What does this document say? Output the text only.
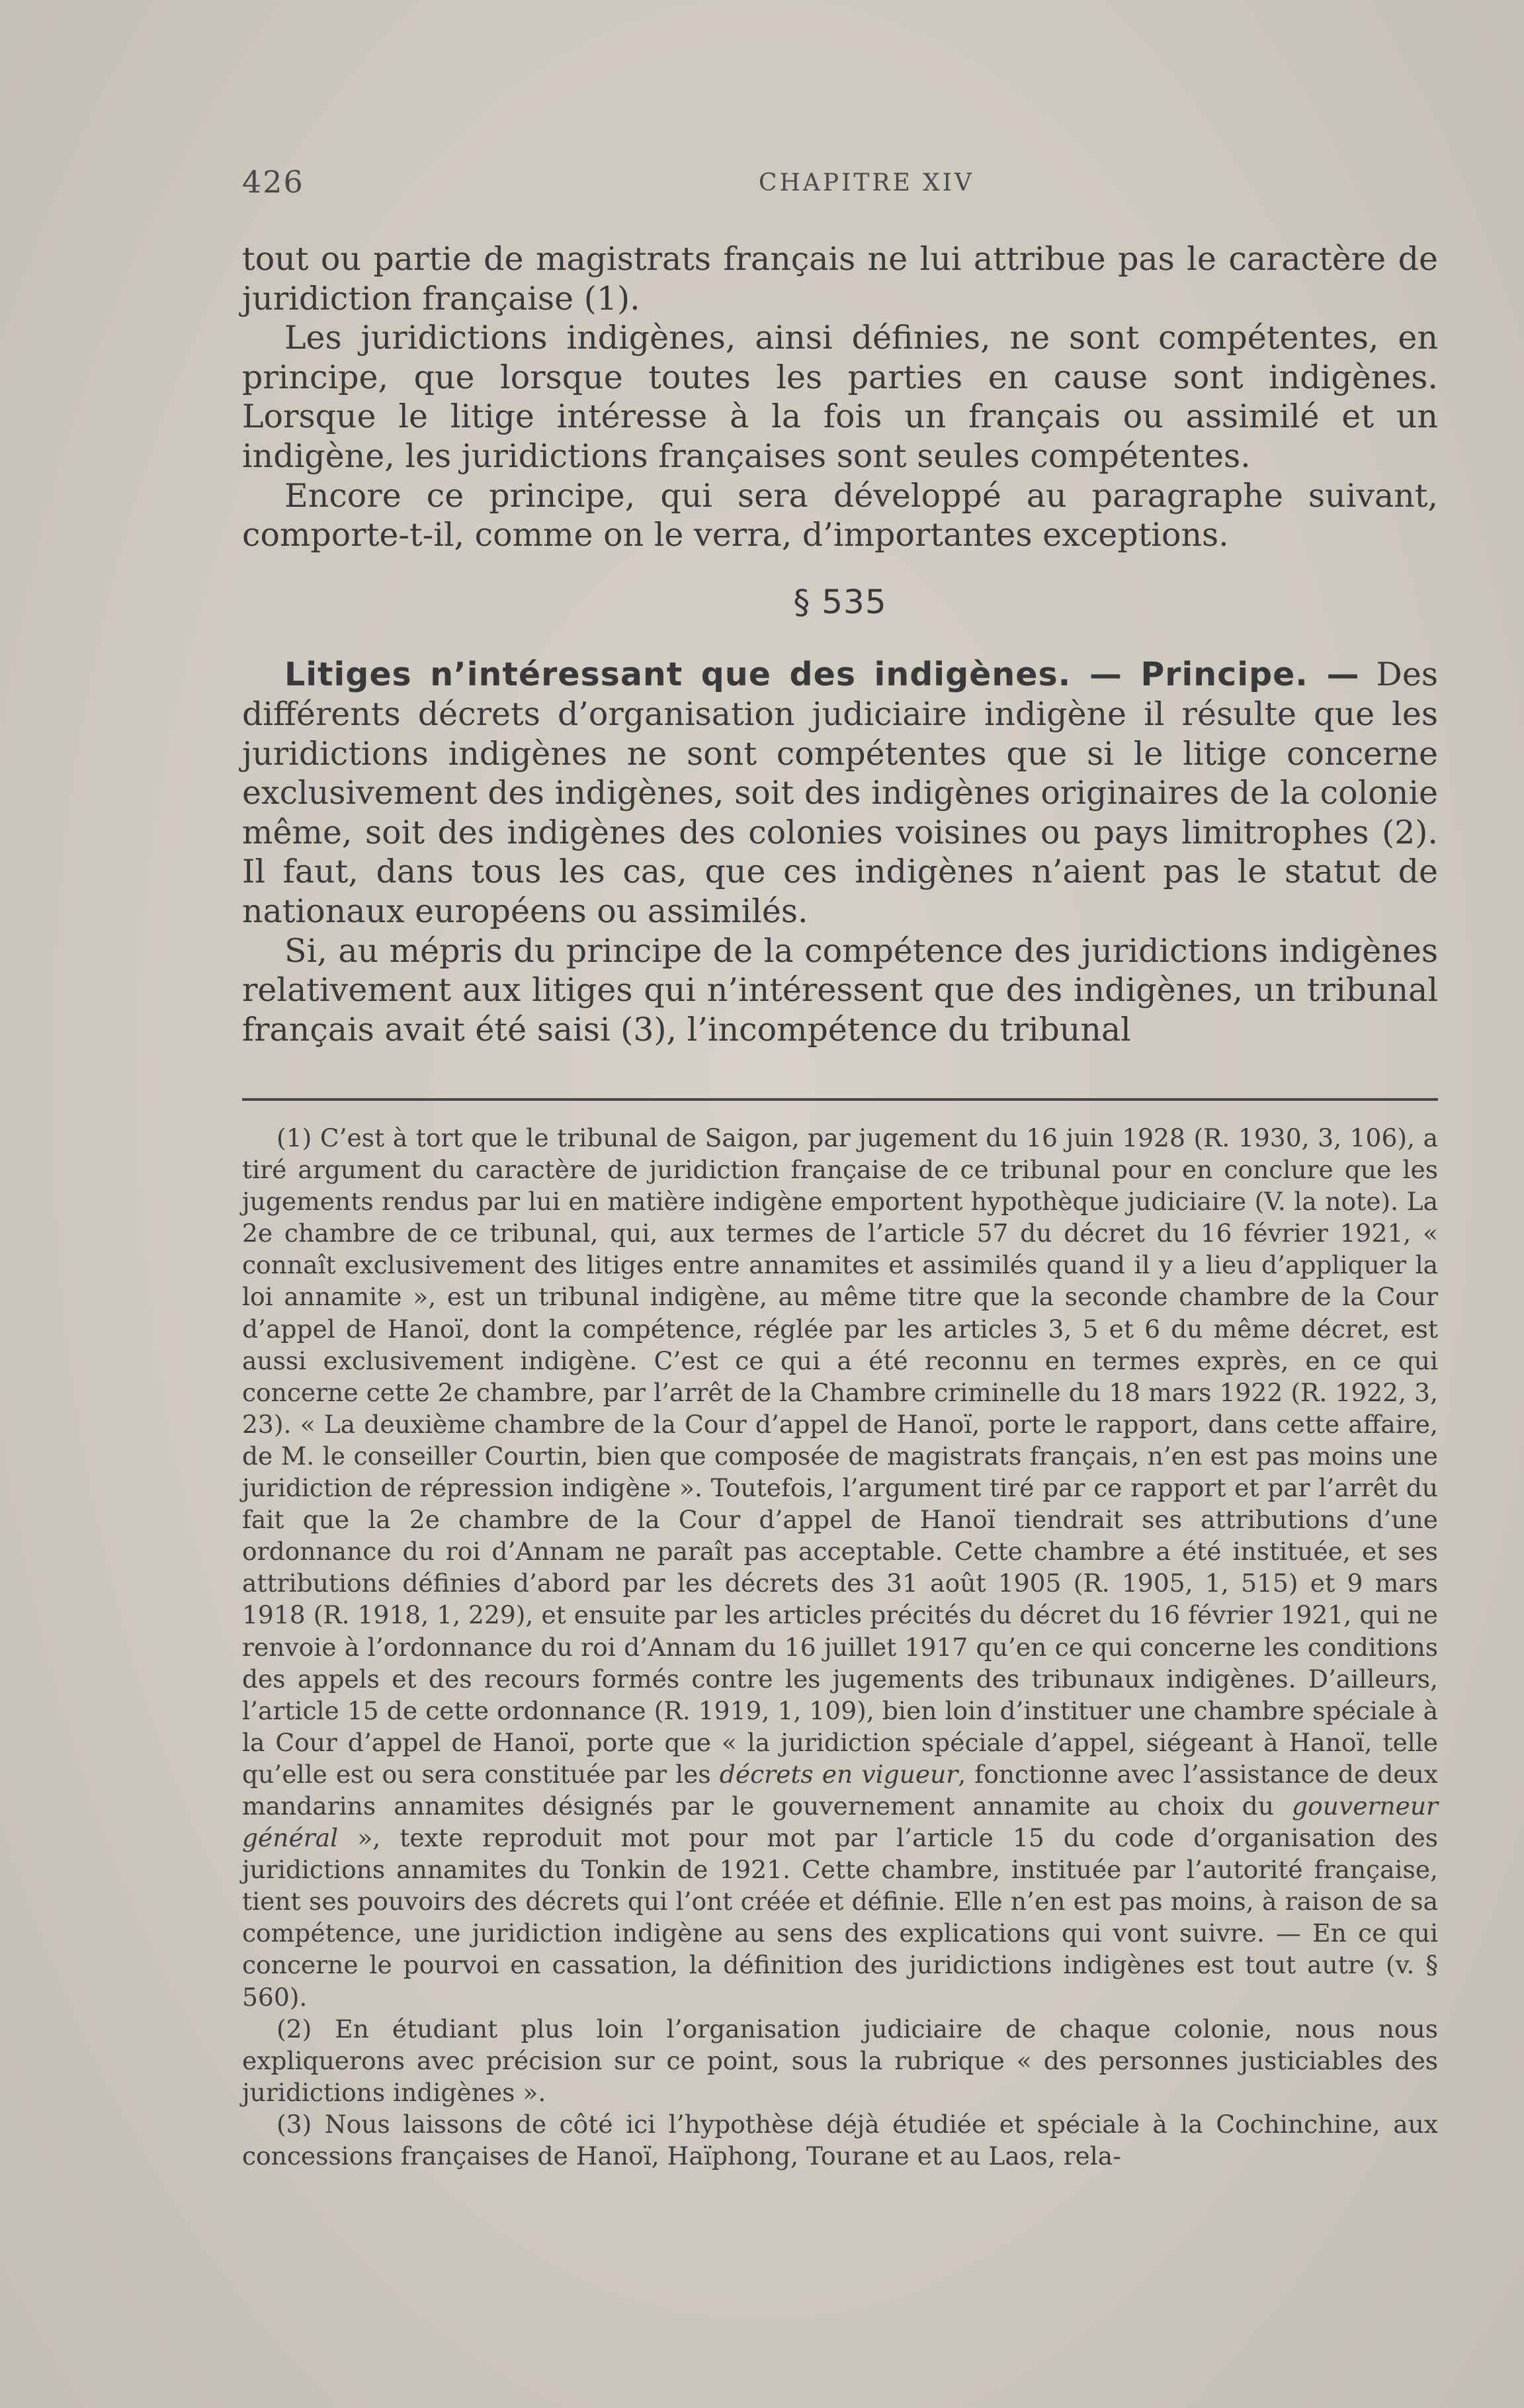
426	CHAPITRE XIV

tout ou partie de magistrats français ne lui attribue pas le caractère de juridiction française (1).

Les juridictions indigènes, ainsi définies, ne sont compétentes, en principe, que lorsque toutes les parties en cause sont indigènes. Lorsque le litige intéresse à la fois un français ou assimilé et un indigène, les juridictions françaises sont seules compétentes.

Encore ce principe, qui sera développé au paragraphe suivant, comporte-t-il, comme on le verra, d’importantes exceptions.

§ 535

Litiges n’intéressant que des indigènes. — Principe. — Des différents décrets d’organisation judiciaire indigène il résulte que les juridictions indigènes ne sont compétentes que si le litige concerne exclusivement des indigènes, soit des indigènes originaires de la colonie même, soit des indigènes des colonies voisines ou pays limitrophes (2). Il faut, dans tous les cas, que ces indigènes n’aient pas le statut de nationaux européens ou assimilés.

Si, au mépris du principe de la compétence des juridictions indigènes relativement aux litiges qui n’intéressent que des indigènes, un tribunal français avait été saisi (3), l’incompétence du tribunal

(1) C’est à tort que le tribunal de Saigon, par jugement du 16 juin 1928 (R. 1930, 3, 106), a tiré argument du caractère de juridiction française de ce tribunal pour en conclure que les jugements rendus par lui en matière indigène emportent hypothèque judiciaire (V. la note). La 2e chambre de ce tribunal, qui, aux termes de l’article 57 du décret du 16 février 1921, « connaît exclusivement des litiges entre annamites et assimilés quand il y a lieu d’appliquer la loi annamite », est un tribunal indigène, au même titre que la seconde chambre de la Cour d’appel de Hanoï, dont la compétence, réglée par les articles 3, 5 et 6 du même décret, est aussi exclusivement indigène. C’est ce qui a été reconnu en termes exprès, en ce qui concerne cette 2e chambre, par l’arrêt de la Chambre criminelle du 18 mars 1922 (R. 1922, 3, 23). « La deuxième chambre de la Cour d’appel de Hanoï, porte le rapport, dans cette affaire, de M. le conseiller Courtin, bien que composée de magistrats français, n’en est pas moins une juridiction de répression indigène ». Toutefois, l’argument tiré par ce rapport et par l’arrêt du fait que la 2e chambre de la Cour d’appel de Hanoï tiendrait ses attributions d’une ordonnance du roi d’Annam ne paraît pas acceptable. Cette chambre a été instituée, et ses attributions définies d’abord par les décrets des 31 août 1905 (R. 1905, 1, 515) et 9 mars 1918 (R. 1918, 1, 229), et ensuite par les articles précités du décret du 16 février 1921, qui ne renvoie à l’ordonnance du roi d’Annam du 16 juillet 1917 qu’en ce qui concerne les conditions des appels et des recours formés contre les jugements des tribunaux indigènes. D’ailleurs, l’article 15 de cette ordonnance (R. 1919, 1, 109), bien loin d’instituer une chambre spéciale à la Cour d’appel de Hanoï, porte que « la juridiction spéciale d’appel, siégeant à Hanoï, telle qu’elle est ou sera constituée par les décrets en vigueur, fonctionne avec l’assistance de deux mandarins annamites désignés par le gouvernement annamite au choix du gouverneur général », texte reproduit mot pour mot par l’article 15 du code d’organisation des juridictions annamites du Tonkin de 1921. Cette chambre, instituée par l’autorité française, tient ses pouvoirs des décrets qui l’ont créée et définie. Elle n’en est pas moins, à raison de sa compétence, une juridiction indigène au sens des explications qui vont suivre. — En ce qui concerne le pourvoi en cassation, la définition des juridictions indigènes est tout autre (v. § 560).

(2) En étudiant plus loin l’organisation judiciaire de chaque colonie, nous nous expliquerons avec précision sur ce point, sous la rubrique « des personnes justiciables des juridictions indigènes ».

(3) Nous laissons de côté ici l’hypothèse déjà étudiée et spéciale à la Cochinchine, aux concessions françaises de Hanoï, Haïphong, Tourane et au Laos, rela-
